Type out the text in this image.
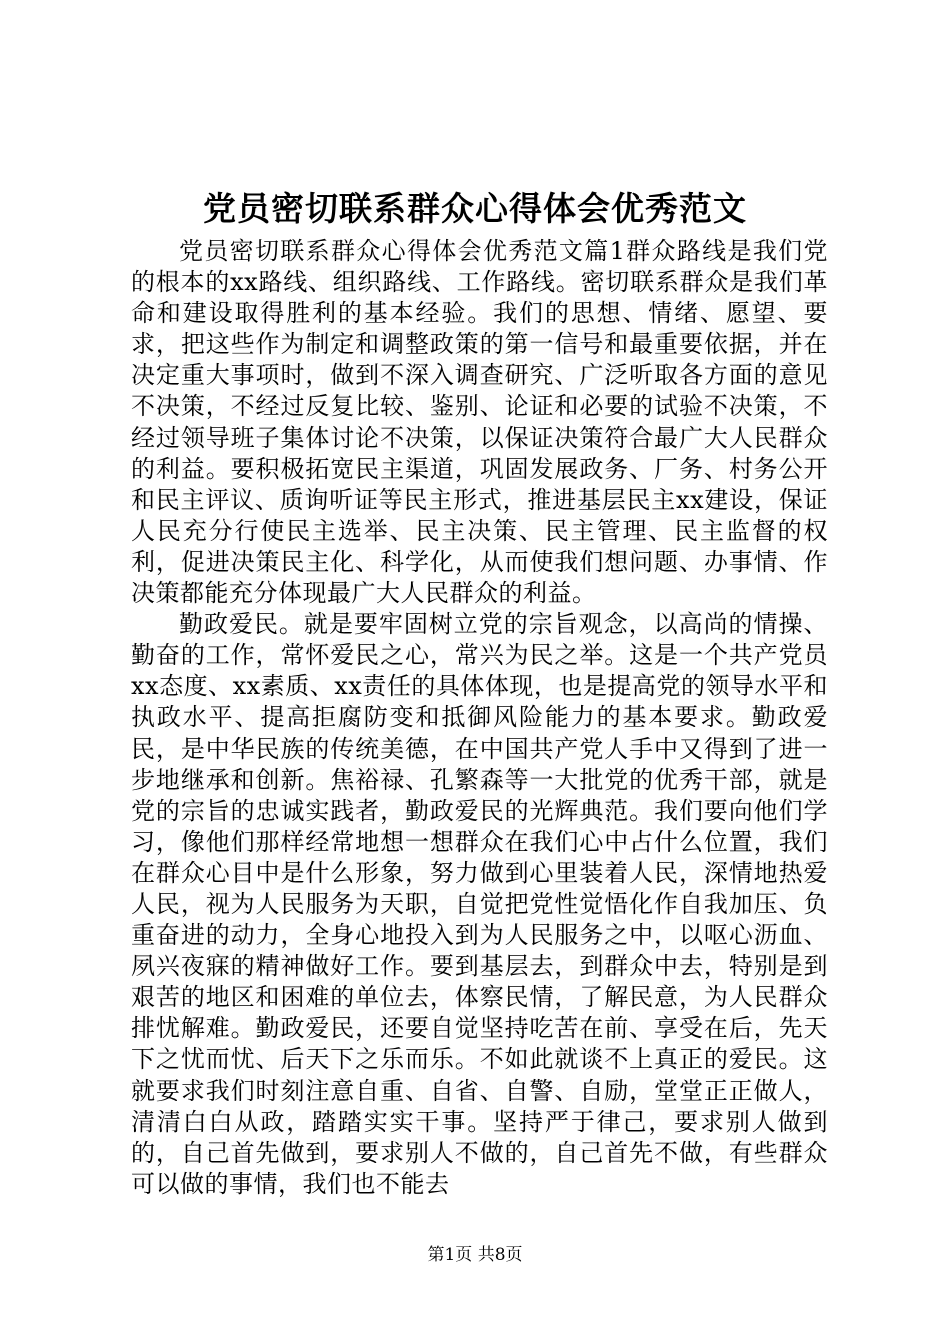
党员密切联系群众心得体会优秀范文

党员密切联系群众心得体会优秀范文篇1群众路线是我们党的根本的xx路线、组织路线、工作路线。密切联系群众是我们革命和建设取得胜利的基本经验。我们的思想、情绪、愿望、要求，把这些作为制定和调整政策的第一信号和最重要依据，并在决定重大事项时，做到不深入调查研究、广泛听取各方面的意见不决策，不经过反复比较、鉴别、论证和必要的试验不决策，不经过领导班子集体讨论不决策，以保证决策符合最广大人民群众的利益。要积极拓宽民主渠道，巩固发展政务、厂务、村务公开和民主评议、质询听证等民主形式，推进基层民主xx建设，保证人民充分行使民主选举、民主决策、民主管理、民主监督的权利，促进决策民主化、科学化，从而使我们想问题、办事情、作决策都能充分体现最广大人民群众的利益。

勤政爱民。就是要牢固树立党的宗旨观念，以高尚的情操、勤奋的工作，常怀爱民之心，常兴为民之举。这是一个共产党员xx态度、xx素质、xx责任的具体体现，也是提高党的领导水平和执政水平、提高拒腐防变和抵御风险能力的基本要求。勤政爱民，是中华民族的传统美德，在中国共产党人手中又得到了进一步地继承和创新。焦裕禄、孔繁森等一大批党的优秀干部，就是党的宗旨的忠诚实践者，勤政爱民的光辉典范。我们要向他们学习，像他们那样经常地想一想群众在我们心中占什么位置，我们在群众心目中是什么形象，努力做到心里装着人民，深情地热爱人民，视为人民服务为天职，自觉把党性觉悟化作自我加压、负重奋进的动力，全身心地投入到为人民服务之中，以呕心沥血、夙兴夜寐的精神做好工作。要到基层去，到群众中去，特别是到艰苦的地区和困难的单位去，体察民情，了解民意，为人民群众排忧解难。勤政爱民，还要自觉坚持吃苦在前、享受在后，先天下之忧而忧、后天下之乐而乐。不如此就谈不上真正的爱民。这就要求我们时刻注意自重、自省、自警、自励，堂堂正正做人，清清白白从政，踏踏实实干事。坚持严于律己，要求别人做到的，自己首先做到，要求别人不做的，自己首先不做，有些群众可以做的事情，我们也不能去

第1页 共8页
